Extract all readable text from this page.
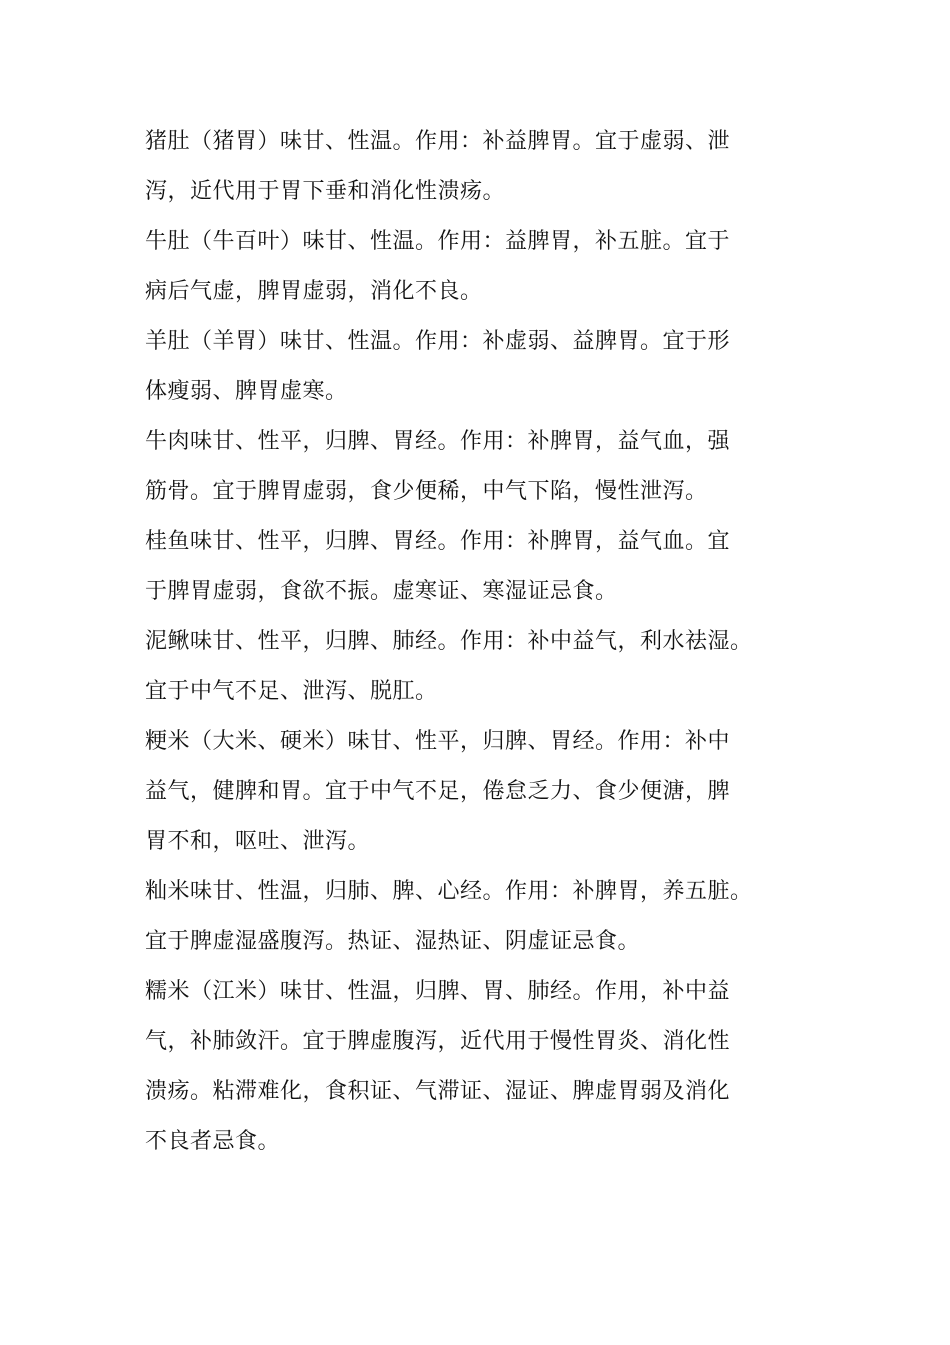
猪肚（猪胃）味甘、性温。作用：补益脾胃。宜于虚弱、泄
泻，近代用于胃下垂和消化性溃疡。
牛肚（牛百叶）味甘、性温。作用：益脾胃，补五脏。宜于
病后气虚，脾胃虚弱，消化不良。
羊肚（羊胃）味甘、性温。作用：补虚弱、益脾胃。宜于形
体瘦弱、脾胃虚寒。
牛肉味甘、性平，归脾、胃经。作用：补脾胃，益气血，强
筋骨。宜于脾胃虚弱，食少便稀，中气下陷，慢性泄泻。
桂鱼味甘、性平，归脾、胃经。作用：补脾胃，益气血。宜
于脾胃虚弱，食欲不振。虚寒证、寒湿证忌食。
泥鳅味甘、性平，归脾、肺经。作用：补中益气，利水祛湿。
宜于中气不足、泄泻、脱肛。
粳米（大米、硬米）味甘、性平，归脾、胃经。作用：补中
益气，健脾和胃。宜于中气不足，倦怠乏力、食少便溏，脾
胃不和，呕吐、泄泻。
籼米味甘、性温，归肺、脾、心经。作用：补脾胃，养五脏。
宜于脾虚湿盛腹泻。热证、湿热证、阴虚证忌食。
糯米（江米）味甘、性温，归脾、胃、肺经。作用，补中益
气，补肺敛汗。宜于脾虚腹泻，近代用于慢性胃炎、消化性
溃疡。粘滞难化，食积证、气滞证、湿证、脾虚胃弱及消化
不良者忌食。
